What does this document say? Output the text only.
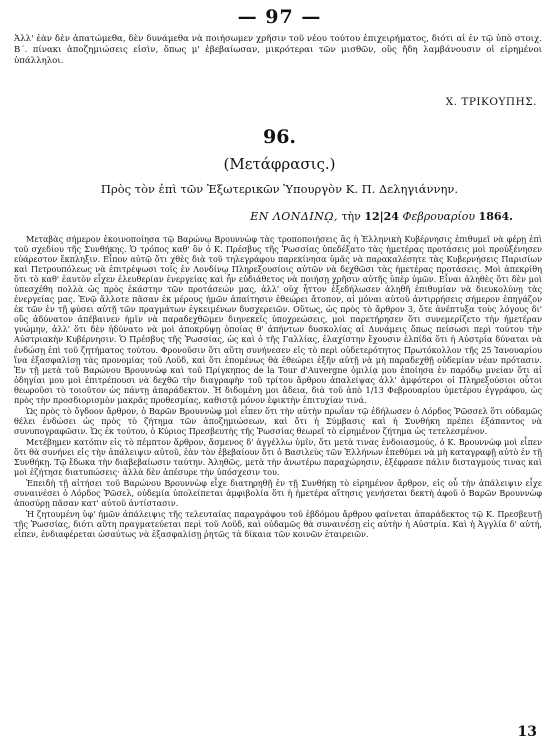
— 97 —

Ἀλλ' ἐὰν δὲν ἀπατώμεθα, δὲν δυνάμεθα νὰ ποιήσωμεν χρῆσιν τοῦ νέου τούτου ἐπιχειρήματος, διότι αἱ ἐν τῷ ὑπὸ στοιχ. Β΄. πίνακι ἀποζημιώσεις εἰσὶν, ὅπως μ' ἐβεβαίωσαν, μικρότεραι τῶν μισθῶν, οὓς ἤδη λαμβάνουσιν οἱ εἰρημένοι ὑπάλληλοι.

Χ. ΤΡΙΚΟΥΠΗΣ.
96.
(Μετάφρασις.)
Πρὸς τὸν ἐπὶ τῶν Ἐξωτερικῶν Ὑπουργὸν Κ. Π. Δεληγιάννην.
ΕΝ ΛΟΝΔΙΝῼ, τὴν 12|24 Φεβρουαρίου 1864.

Μεταβὰς σήμερον ἐκοινοποίησα τῷ Βαρώνῳ Βρουννὼφ τὰς τροποποιήσεις ἃς ἡ Ἑλληνικὴ Κυβέρνησις ἐπιθυμεῖ νὰ φέρῃ ἐπὶ τοῦ σχεδίου τῆς Συνθήκης. Ὁ τρόπος καθ' ὃν ὁ Κ. Πρέσβυς τῆς Ῥωσσίας ὑπεδέξατο τὰς ἡμετέρας προτάσεις μοὶ προὐξένησεν εὐάρεστον ἔκπληξιν. Εἶπον αὐτῷ ὅτι χθὲς διὰ τοῦ τηλεγράφου παρεκίνησα ὑμᾶς νὰ παρακαλέσητε τὰς Κυβερνήσεις Παρισίων καὶ Πετρουπόλεως νὰ ἐπιτρέψωσι τοῖς ἐν Λονδίνῳ Πληρεξουσίοις αὐτῶν νὰ δεχθῶσι τὰς ἡμετέρας προτάσεις. Μοὶ ἀπεκρίθη ὅτι τὸ καθ' ἑαυτὸν εἶχεν ἐλευθερίαν ἐνεργείας καὶ ἦν εὐδιάθετος νὰ ποιήσῃ χρῆσιν αὐτῆς ὑπὲρ ὑμῶν. Εἶναι ἀληθὲς ὅτι δὲν μοὶ ὑπεσχέθη πολλὰ ὡς πρὸς ἑκάστην τῶν προτάσεών μας, ἀλλ' οὐχ ἧττον ἐξεδήλωσεν ἀληθῆ ἐπιθυμίαν νὰ διευκολύνῃ τὰς ἐνεργείας μας. Ἐνῷ ἄλλοτε πᾶσαν ἐκ μέρους ἡμῶν ἀπαίτησιν ἐθεώρει ἄτοπον, αἱ μόναι αὐτοῦ ἀντιρρήσεις σήμερον ἐπηγάζον ἐκ τῶν ἐν τῇ φύσει αὐτῇ τῶν πραγμάτων ἐγκειμένων δυσχερειῶν. Οὕτως, ὡς πρὸς τὸ ἄρθρον 3, ὅτε ἀνέπτυξα τοὺς λόγους δι' οὓς ἀδύνατον ἀπέβαινεν ἡμῖν νὰ παραδεχθῶμεν διηνεκεῖς ὑποχρεώσεις, μοὶ παρετήρησεν ὅτι συνεμερίζετο τὴν ἡμετέραν γνώμην, ἀλλ' ὅτι δὲν ἠδύνατο νὰ μοὶ ἀποκρύψῃ ὁποίας θ' ἀπήντων δυσκολίας αἱ Δυνάμεις ὅπως πείσωσι περὶ τούτου τὴν Αὐστριακὴν Κυβέρνησιν. Ὁ Πρέσβυς τῆς Ῥωσσίας, ὡς καὶ ὁ τῆς Γαλλίας, ἐλαχίστην ἔχουσιν ἐλπίδα ὅτι ἡ Αὐστρία δύναται νὰ ἐνδώσῃ ἐπὶ τοῦ ζητήματος τούτου. Φρονοῦσιν ὅτι αὕτη συνήνεσεν εἰς τὸ περὶ οὐδετερότητος Πρωτόκολλον τῆς 25 Ἰανουαρίου ἵνα ἐξασφαλίσῃ τὰς προνομίας τοῦ Λοϋδ, καὶ ὅτι ἑπομένως θὰ ἐθεώρει ἑξῆν αὐτῇ νὰ μὴ παραδεχθῇ οὐδεμίαν νέαν πρότασιν. Ἐν τῇ μετὰ τοῦ Βαρώνου Βρουννὼφ καὶ τοῦ Πρίγκηπος de la Tour d'Auvergne ὁμιλίᾳ μου ἐποίησα ἐν παρόδῳ μνείαν ὅτι αἱ ὁδηγίαι μου μοὶ ἐπιτρέπουσι νὰ δεχθῶ τὴν διαγραφὴν τοῦ τρίτου ἄρθρου ἀπαλείψας ἀλλ' ἀμφότεροι οἱ Πληρεξούσιοι οὗτοι θεωροῦσι τὸ τοιοῦτον ὡς πάντῃ ἀπαράδεκτον. Ἡ διδομένη μοι ἄδεια, διὰ τοῦ ἀπὸ 1/13 Φεβρουαρίου ὑμετέρου ἐγγράφου, ὡς πρὸς τὴν προσδιορισμὸν μακρᾶς προθεσμίας, καθιστᾷ μόνον ἐφικτὴν ἐπιτυχίαν τινά.

Ὡς πρὸς τὸ ὄγδοον ἄρθρον, ὁ Βαρῶν Βρουννὼφ μοὶ εἶπεν ὅτι τὴν αὐτὴν πρωΐαν τῷ ἐδήλωσεν ὁ Λόρδος Ῥῶσσελ ὅτι οὐδαμῶς θέλει ἐνδώσει ὡς πρὸς τὸ ζήτημα τῶν ἀποζημιώσεων, καὶ ὅτι ἡ Σύμβασις καὶ ἡ Συνθήκη πρέπει ἐξάπαντος νὰ συνυπογραφῶσιν. Ὡς ἐκ τούτου, ὁ Κύριος Πρεσβευτὴς τῆς Ῥωσσίας θεωρεῖ τὸ εἰρημένον ζήτημα ὡς τετελεσμένον.

Μετέβημεν κατόπιν εἰς τὸ πέμπτον ἄρθρον, ἄσμενος δ' ἀγγέλλω ὑμῖν, ὅτι μετὰ τινας ἐνδοιασμούς, ὁ Κ. Βρουννὼφ μοὶ εἶπεν ὅτι θὰ συνήνει εἰς τὴν ἀπάλειψιν αὐτοῦ, ἐὰν τὸν ἐβεβαίουν ὅτι ὁ Βασιλεὺς τῶν Ἑλλήνων ἐπεθύμει νὰ μὴ καταγραφῇ αὐτὸ ἐν τῇ Συνθήκῃ. Τῷ ἔδωκα τὴν διαβεβαίωσιν ταύτην. Ἀληθῶς, μετὰ τὴν ἀνωτέρω παραχώρησιν, ἐξέφρασε πάλιν δισταγμούς τινας καὶ μοὶ ἐζήτησε διατυπώσεις· ἀλλὰ δὲν ἀπέσυρε τὴν ὑπόσχεσιν του.

Ἐπειδὴ τῇ αἰτήσει τοῦ Βαρώνου Βρουννὼφ εἶχε διατηρηθῇ ἐν τῇ Συνθήκῃ τὸ εἰρημένον ἄρθρον, εἰς οὗ τὴν ἀπάλειψιν εἶχε συναινέσει ὁ Λόρδος Ῥῶσελ, οὐδεμία ὑπολείπεται ἀμφιβολία ὅτι ἡ ἡμετέρα αἴτησις γενήσεται δεκτὴ ἀφοῦ ὁ Βαρῶν Βρουννὼφ ἀποσύρῃ πᾶσαν κατ' αὐτοῦ ἀντίστασιν.

Ἡ ζητουμένη ὑφ' ἡμῶν ἀπάλειψις τῆς τελευταίας παραγράφου τοῦ ἑβδόμου ἄρθρου φαίνεται ἀπαράδεκτος τῷ Κ. Πρεσβευτῇ τῆς Ῥωσσίας, διότι αὕτη πραγματεύεται περὶ τοῦ Λοϋδ, καὶ οὐδαμῶς θὰ συναινέσῃ εἰς αὐτὴν ἡ Αὐστρία. Καὶ ἡ Ἀγγλία δ' αὐτή, εἶπεν, ἐνδιαφέρεται ὡσαύτως νὰ ἐξασφαλίσῃ ῥητῶς τὰ δίκαια τῶν κοινῶν ἑταιρειῶν.

13
